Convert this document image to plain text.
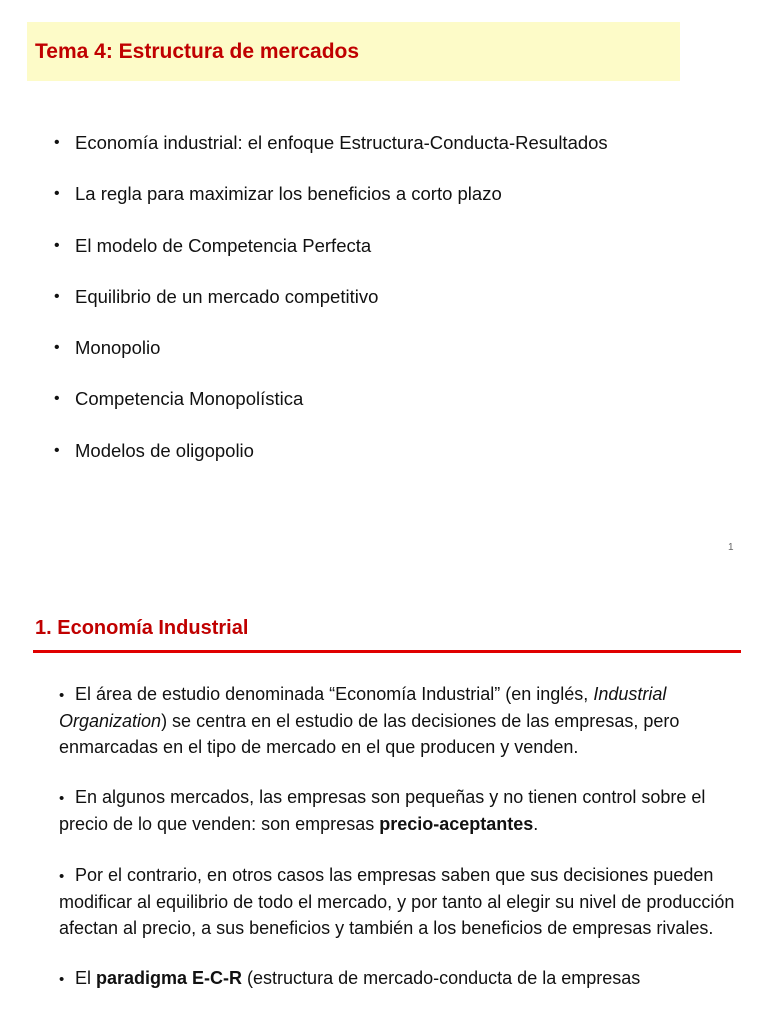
Tema 4: Estructura de mercados
• Economía industrial: el enfoque Estructura-Conducta-Resultados
• La regla para maximizar los beneficios a corto plazo
• El modelo de Competencia Perfecta
• Equilibrio de un mercado competitivo
• Monopolio
• Competencia Monopolística
• Modelos de oligopolio
1
1. Economía Industrial

• El área de estudio denominada “Economía Industrial” (en inglés, Industrial Organization) se centra en el estudio de las decisiones de las empresas, pero enmarcadas en el tipo de mercado en el que producen y venden.

• En algunos mercados, las empresas son pequeñas y no tienen control sobre el precio de lo que venden: son empresas precio-aceptantes.

• Por el contrario, en otros casos las empresas saben que sus decisiones pueden modificar al equilibrio de todo el mercado, y por tanto al elegir su nivel de producción afectan al precio, a sus beneficios y también a los beneficios de empresas rivales.

• El paradigma E-C-R (estructura de mercado-conducta de la empresas
